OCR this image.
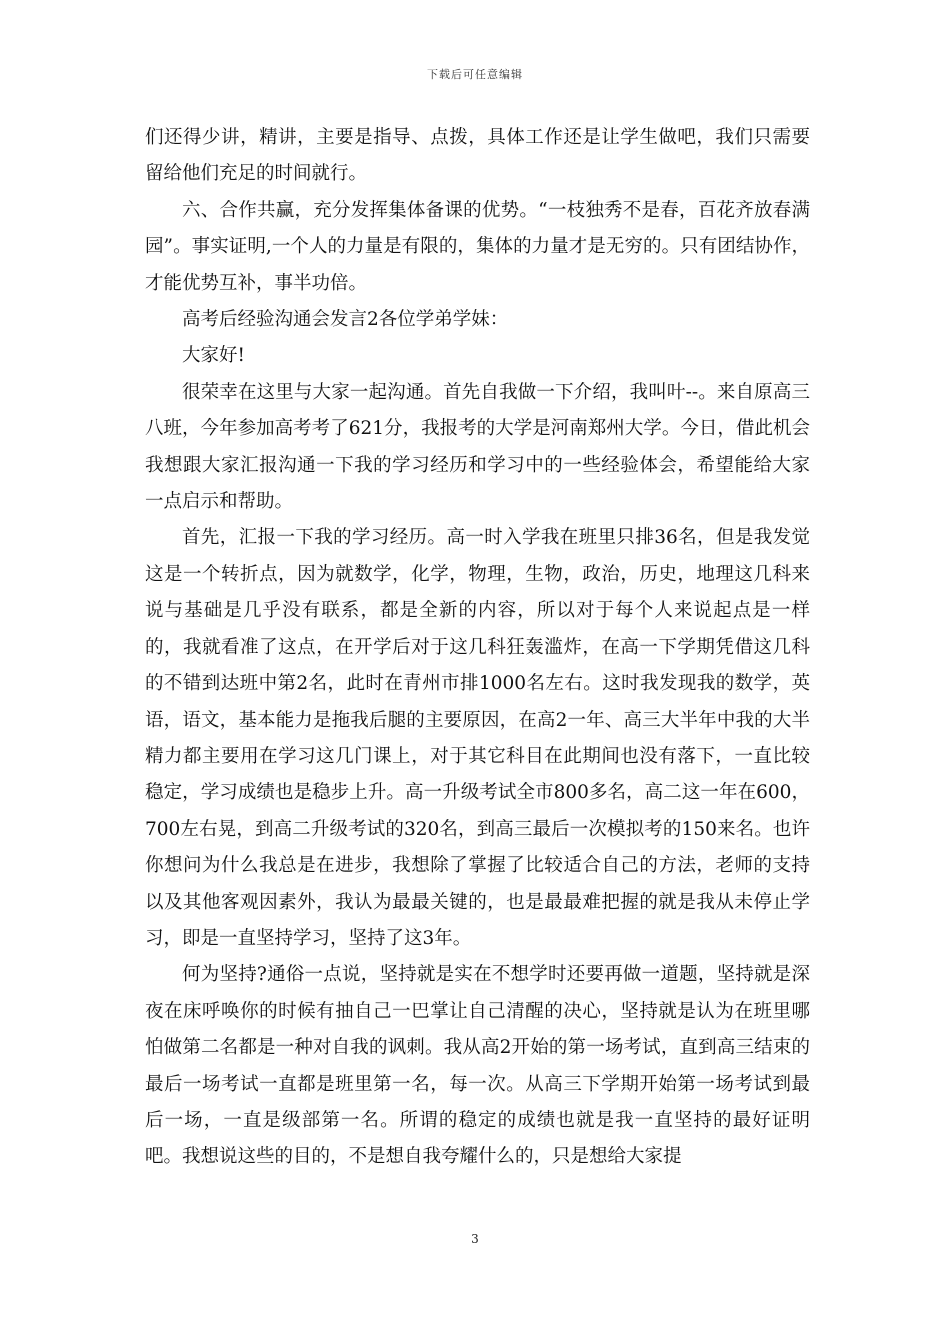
下载后可任意编辑

们还得少讲，精讲，主要是指导、点拨，具体工作还是让学生做吧，我们只需要留给他们充足的时间就行。

六、合作共赢，充分发挥集体备课的优势。“一枝独秀不是春，百花齐放春满园”。事实证明,一个人的力量是有限的，集体的力量才是无穷的。只有团结协作，才能优势互补，事半功倍。

高考后经验沟通会发言2各位学弟学妹：

大家好!

很荣幸在这里与大家一起沟通。首先自我做一下介绍，我叫叶--。来自原高三八班，今年参加高考考了621分，我报考的大学是河南郑州大学。今日，借此机会我想跟大家汇报沟通一下我的学习经历和学习中的一些经验体会，希望能给大家一点启示和帮助。

首先，汇报一下我的学习经历。高一时入学我在班里只排36名，但是我发觉这是一个转折点，因为就数学，化学，物理，生物，政治，历史，地理这几科来说与基础是几乎没有联系，都是全新的内容，所以对于每个人来说起点是一样的，我就看准了这点，在开学后对于这几科狂轰滥炸，在高一下学期凭借这几科的不错到达班中第2名，此时在青州市排1000名左右。这时我发现我的数学，英语，语文，基本能力是拖我后腿的主要原因，在高2一年、高三大半年中我的大半精力都主要用在学习这几门课上，对于其它科目在此期间也没有落下，一直比较稳定，学习成绩也是稳步上升。高一升级考试全市800多名，高二这一年在600，700左右晃，到高二升级考试的320名，到高三最后一次模拟考的150来名。也许你想问为什么我总是在进步，我想除了掌握了比较适合自己的方法，老师的支持以及其他客观因素外，我认为最最关键的，也是最最难把握的就是我从未停止学习，即是一直坚持学习，坚持了这3年。

何为坚持?通俗一点说，坚持就是实在不想学时还要再做一道题，坚持就是深夜在床呼唤你的时候有抽自己一巴掌让自己清醒的决心，坚持就是认为在班里哪怕做第二名都是一种对自我的讽刺。我从高2开始的第一场考试，直到高三结束的最后一场考试一直都是班里第一名，每一次。从高三下学期开始第一场考试到最后一场，一直是级部第一名。所谓的稳定的成绩也就是我一直坚持的最好证明吧。我想说这些的目的，不是想自我夸耀什么的，只是想给大家提

3
